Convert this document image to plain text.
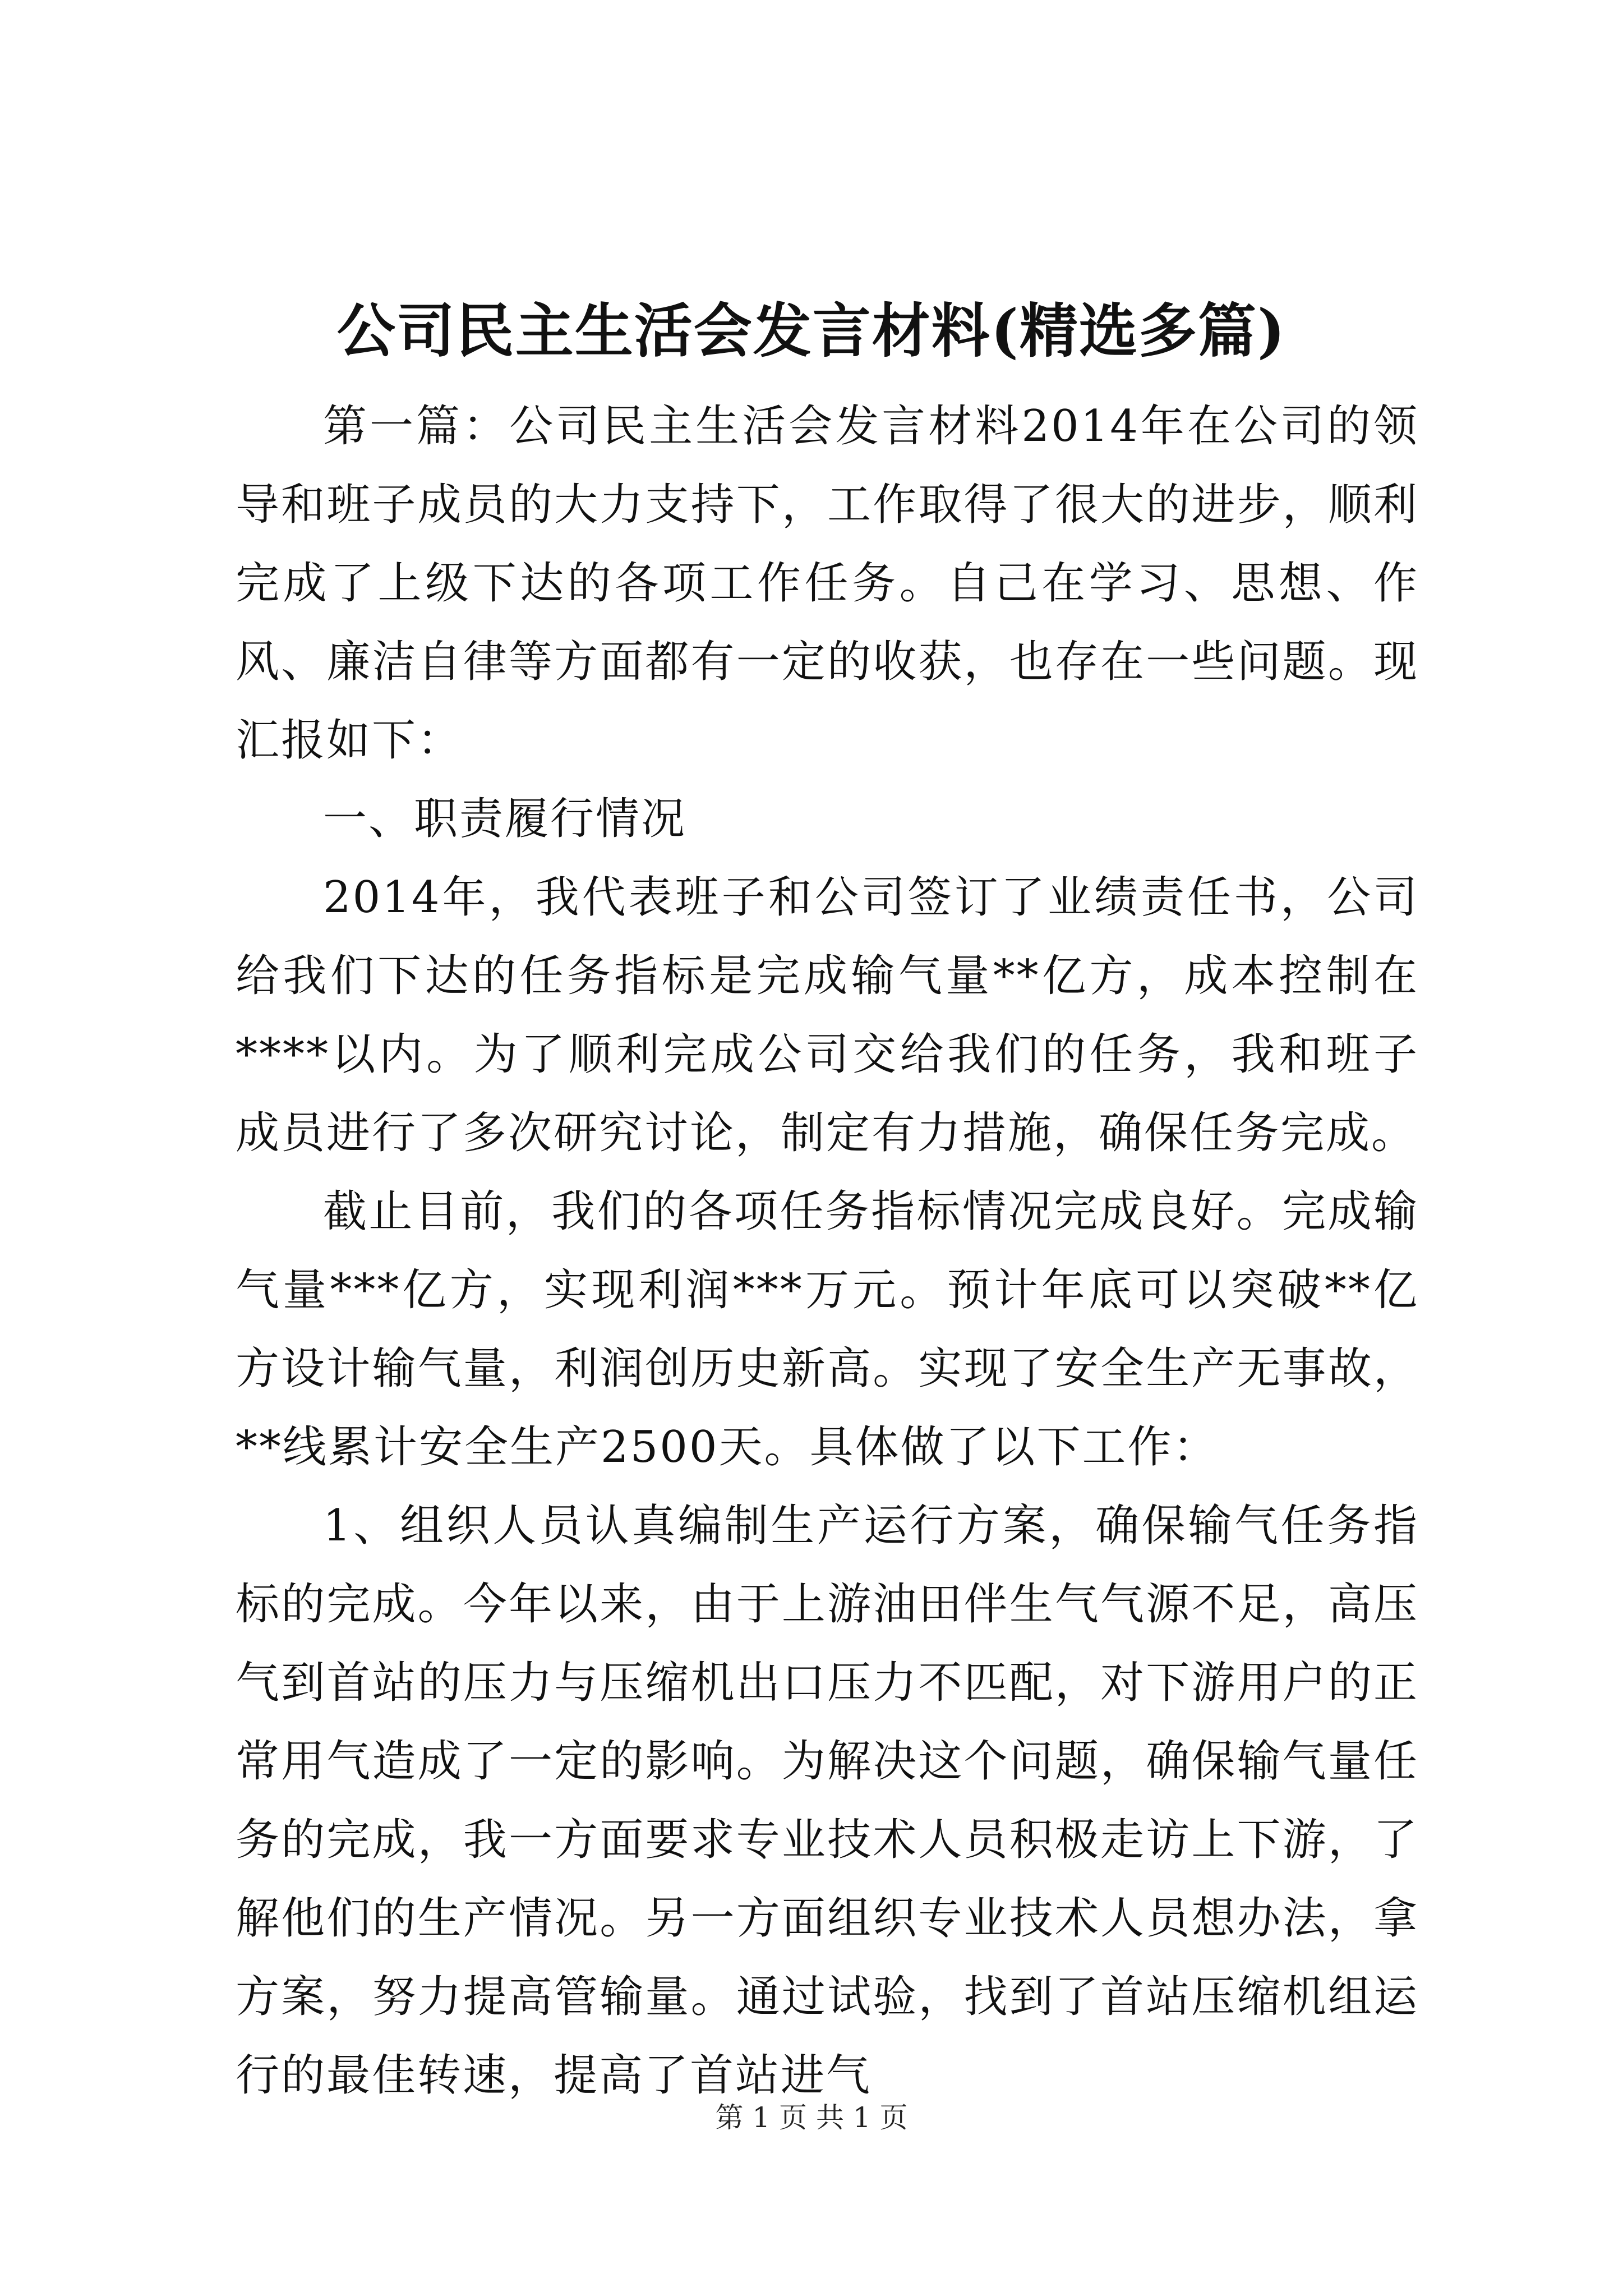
公司民主生活会发言材料(精选多篇)

第一篇：公司民主生活会发言材料2014年在公司的领导和班子成员的大力支持下，工作取得了很大的进步，顺利完成了上级下达的各项工作任务。自己在学习、思想、作风、廉洁自律等方面都有一定的收获，也存在一些问题。现汇报如下：

一、职责履行情况

2014年，我代表班子和公司签订了业绩责任书，公司给我们下达的任务指标是完成输气量**亿方，成本控制在****以内。为了顺利完成公司交给我们的任务，我和班子成员进行了多次研究讨论，制定有力措施，确保任务完成。

截止目前，我们的各项任务指标情况完成良好。完成输气量***亿方，实现利润***万元。预计年底可以突破**亿方设计输气量，利润创历史新高。实现了安全生产无事故，**线累计安全生产2500天。具体做了以下工作：

1、组织人员认真编制生产运行方案，确保输气任务指标的完成。今年以来，由于上游油田伴生气气源不足，高压气到首站的压力与压缩机出口压力不匹配，对下游用户的正常用气造成了一定的影响。为解决这个问题，确保输气量任务的完成，我一方面要求专业技术人员积极走访上下游，了解他们的生产情况。另一方面组织专业技术人员想办法，拿方案，努力提高管输量。通过试验，找到了首站压缩机组运行的最佳转速，提高了首站进气

第 1 页 共 1 页
